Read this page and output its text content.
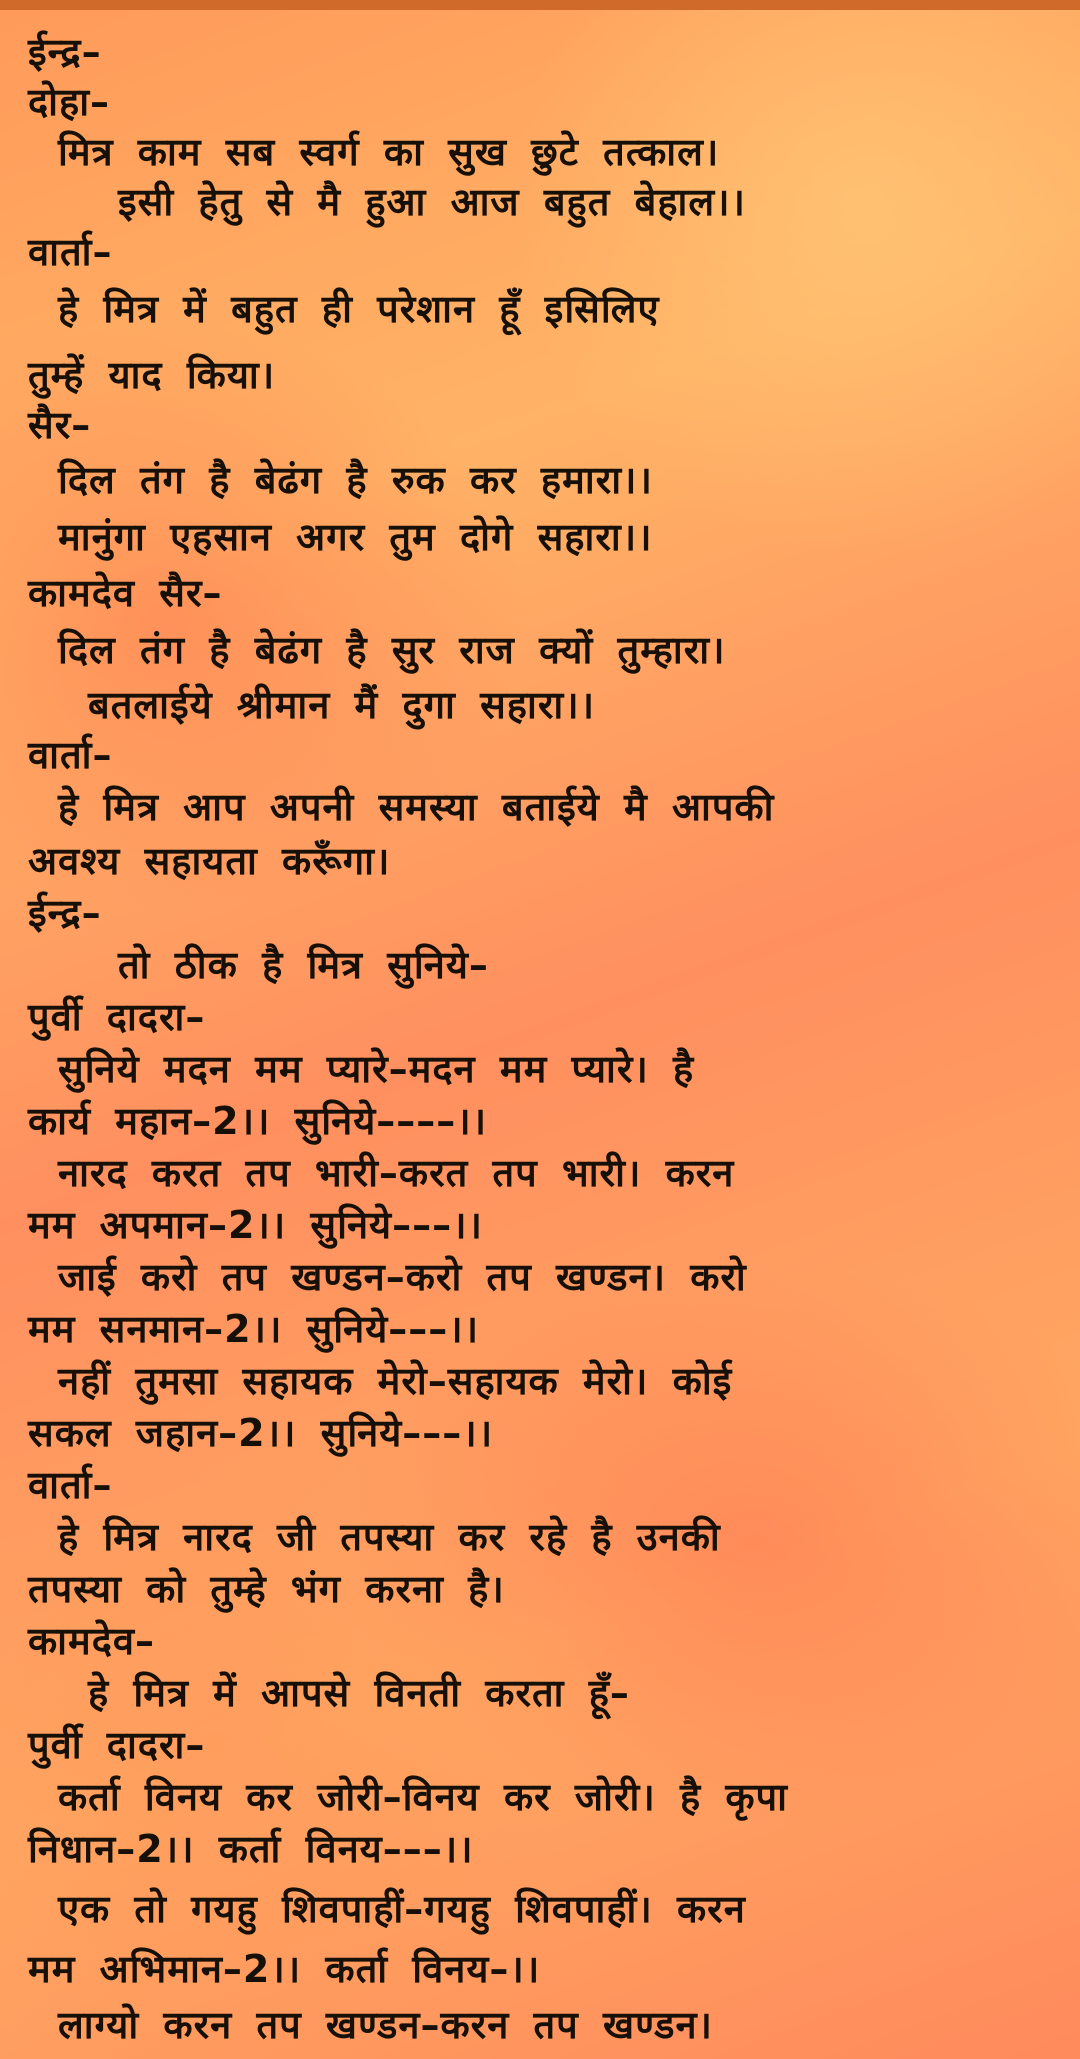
ईन्द्र–
दोहा–
मित्र काम सब स्वर्ग का सुख छुटे तत्काल।
इसी हेतु से मै हुआ आज बहुत बेहाल।।
वार्ता–
हे मित्र में बहुत ही परेशान हूँ इसिलिए
तुम्हें याद किया।
सैर–
दिल तंग है बेढंग है रुक कर हमारा।।
मानुंगा एहसान अगर तुम दोगे सहारा।।
कामदेव सैर–
दिल तंग है बेढंग है सुर राज क्यों तुम्हारा।
बतलाईये श्रीमान मैं दुगा सहारा।।
वार्ता–
हे मित्र आप अपनी समस्या बताईये मै आपकी
अवश्य सहायता करूँगा।
ईन्द्र–
तो ठीक है मित्र सुनिये–
पुर्वी दादरा–
सुनिये मदन मम प्यारे–मदन मम प्यारे। है
कार्य महान–2।। सुनिये––––।।
नारद करत तप भारी–करत तप भारी। करन
मम अपमान–2।। सुनिये–––।।
जाई करो तप खण्डन–करो तप खण्डन। करो
मम सनमान–2।। सुनिये–––।।
नहीं तुमसा सहायक मेरो–सहायक मेरो। कोई
सकल जहान–2।। सुनिये–––।।
वार्ता–
हे मित्र नारद जी तपस्या कर रहे है उनकी
तपस्या को तुम्हे भंग करना है।
कामदेव–
हे मित्र में आपसे विनती करता हूँ–
पुर्वी दादरा–
कर्ता विनय कर जोरी–विनय कर जोरी। है कृपा
निधान–2।। कर्ता विनय–––।।
एक तो गयहु शिवपाहीं–गयहु शिवपाहीं। करन
मम अभिमान–2।। कर्ता विनय–।।
लाग्यो करन तप खण्डन–करन तप खण्डन।
